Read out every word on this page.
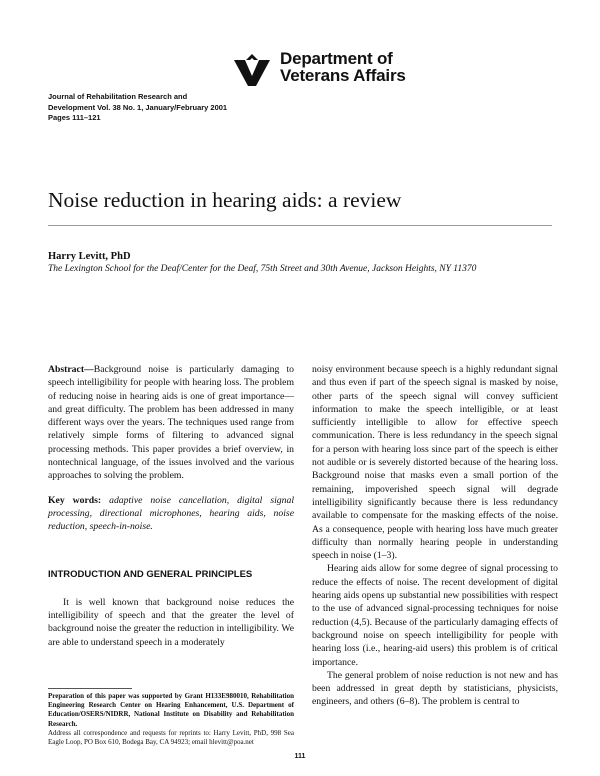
Department of
Veterans Affairs
Journal of Rehabilitation Research and
Development Vol. 38 No. 1, January/February 2001
Pages 111–121
Noise reduction in hearing aids: a review
Harry Levitt, PhD
The Lexington School for the Deaf/Center for the Deaf, 75th Street and 30th Avenue, Jackson Heights, NY 11370

Abstract—Background noise is particularly damaging to speech intelligibility for people with hearing loss. The problem of reducing noise in hearing aids is one of great importance—and great difficulty. The problem has been addressed in many different ways over the years. The techniques used range from relatively simple forms of filtering to advanced signal processing methods. This paper provides a brief overview, in nontechnical language, of the issues involved and the various approaches to solving the problem.

Key words: adaptive noise cancellation, digital signal processing, directional microphones, hearing aids, noise reduction, speech-in-noise.

INTRODUCTION AND GENERAL PRINCIPLES

It is well known that background noise reduces the intelligibility of speech and that the greater the level of background noise the greater the reduction in intelligibility. We are able to understand speech in a moderately

Preparation of this paper was supported by Grant H133E980010, Rehabilitation Engineering Research Center on Hearing Enhancement, U.S. Department of Education/OSERS/NIDRR, National Institute on Disability and Rehabilitation Research.

Address all correspondence and requests for reprints to: Harry Levitt, PhD, 998 Sea Eagle Loop, PO Box 610, Bodega Bay, CA 94923; email hlevitt@poa.net

noisy environment because speech is a highly redundant signal and thus even if part of the speech signal is masked by noise, other parts of the speech signal will convey sufficient information to make the speech intelligible, or at least sufficiently intelligible to allow for effective speech communication. There is less redundancy in the speech signal for a person with hearing loss since part of the speech is either not audible or is severely distorted because of the hearing loss. Background noise that masks even a small portion of the remaining, impoverished speech signal will degrade intelligibility significantly because there is less redundancy available to compensate for the masking effects of the noise. As a consequence, people with hearing loss have much greater difficulty than normally hearing people in understanding speech in noise (1–3).

Hearing aids allow for some degree of signal processing to reduce the effects of noise. The recent development of digital hearing aids opens up substantial new possibilities with respect to the use of advanced signal-processing techniques for noise reduction (4,5). Because of the particularly damaging effects of background noise on speech intelligibility for people with hearing loss (i.e., hearing-aid users) this problem is of critical importance.

The general problem of noise reduction is not new and has been addressed in great depth by statisticians, physicists, engineers, and others (6–8). The problem is central to

111
